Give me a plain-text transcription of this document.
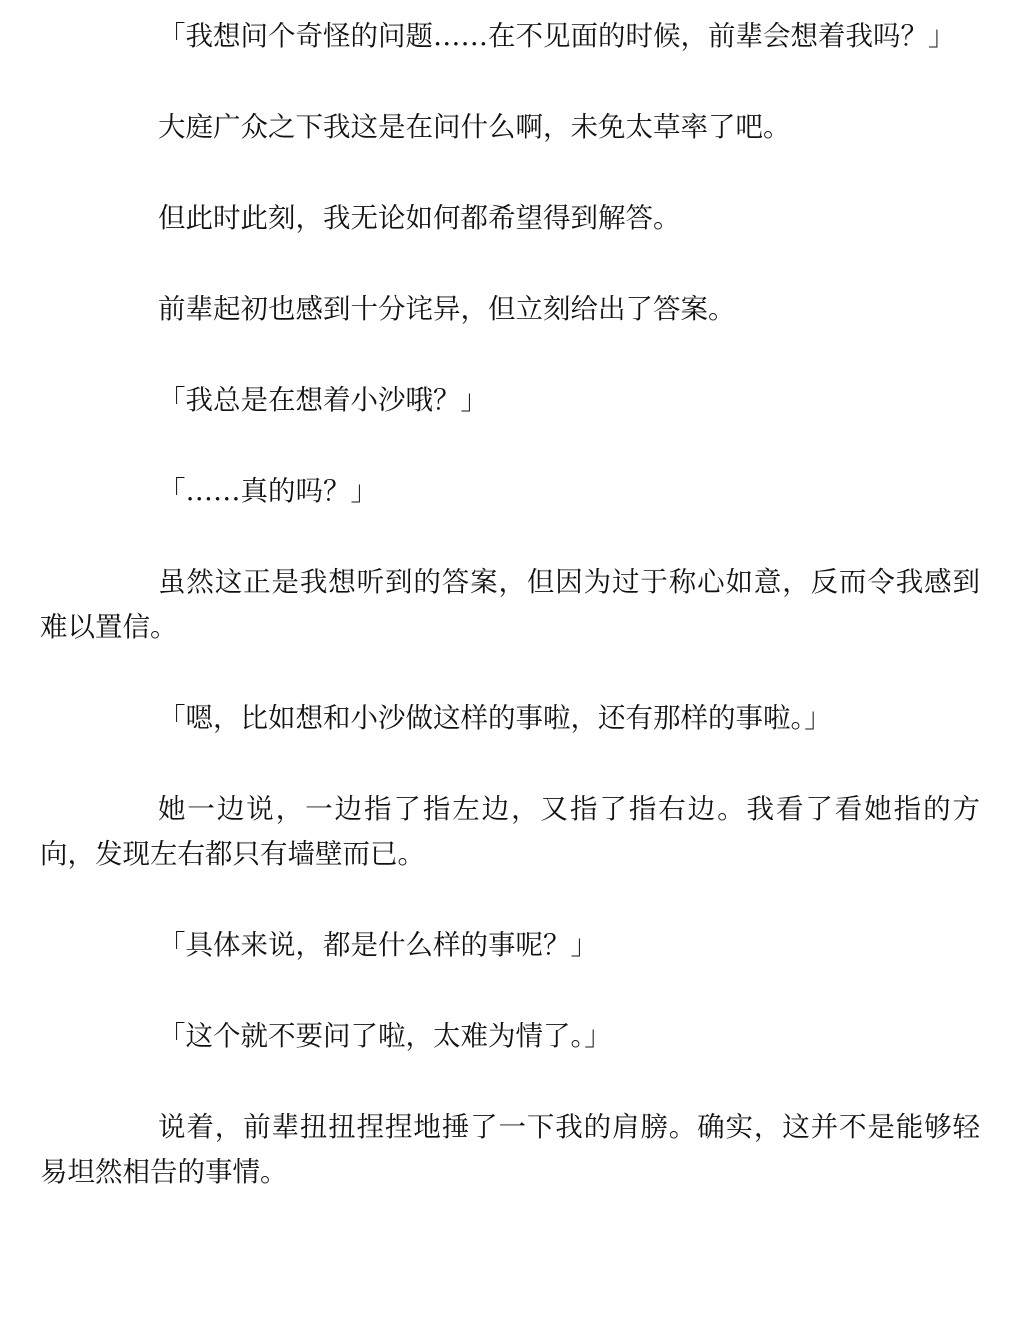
「我想问个奇怪的问题……在不见面的时候，前辈会想着我吗？」

大庭广众之下我这是在问什么啊，未免太草率了吧。

但此时此刻，我无论如何都希望得到解答。

前辈起初也感到十分诧异，但立刻给出了答案。

「我总是在想着小沙哦？」

「……真的吗？」

虽然这正是我想听到的答案，但因为过于称心如意，反而令我感到难以置信。

「嗯，比如想和小沙做这样的事啦，还有那样的事啦。」

她一边说，一边指了指左边，又指了指右边。我看了看她指的方向，发现左右都只有墙壁而已。

「具体来说，都是什么样的事呢？」

「这个就不要问了啦，太难为情了。」

说着，前辈扭扭捏捏地捶了一下我的肩膀。确实，这并不是能够轻易坦然相告的事情。
